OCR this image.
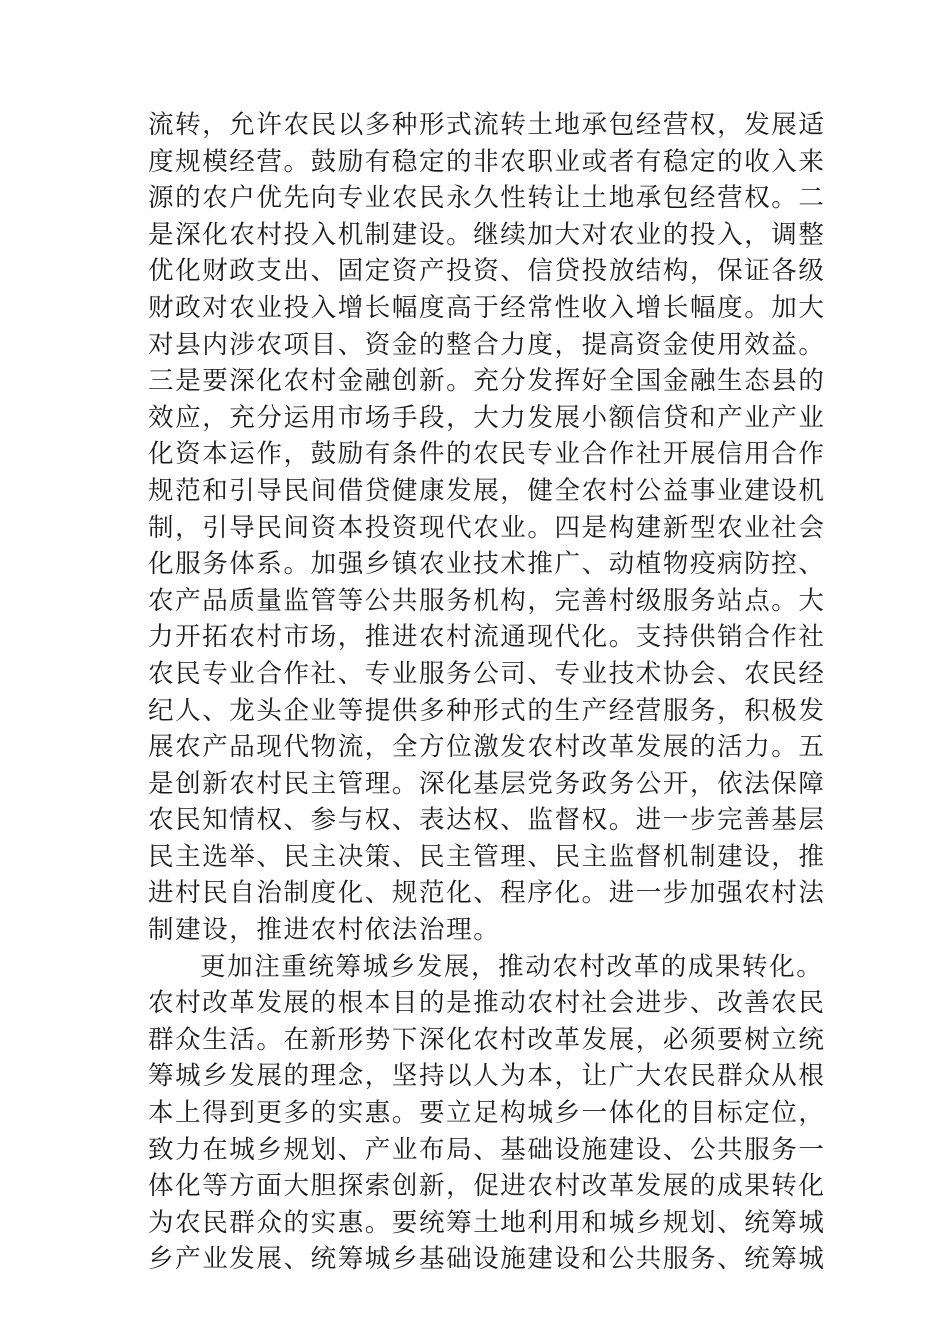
流转，允许农民以多种形式流转土地承包经营权，发展适
度规模经营。鼓励有稳定的非农职业或者有稳定的收入来
源的农户优先向专业农民永久性转让土地承包经营权。二
是深化农村投入机制建设。继续加大对农业的投入，调整
优化财政支出、固定资产投资、信贷投放结构，保证各级
财政对农业投入增长幅度高于经常性收入增长幅度。加大
对县内涉农项目、资金的整合力度，提高资金使用效益。
三是要深化农村金融创新。充分发挥好全国金融生态县的
效应，充分运用市场手段，大力发展小额信贷和产业产业
化资本运作，鼓励有条件的农民专业合作社开展信用合作
规范和引导民间借贷健康发展，健全农村公益事业建设机
制，引导民间资本投资现代农业。四是构建新型农业社会
化服务体系。加强乡镇农业技术推广、动植物疫病防控、
农产品质量监管等公共服务机构，完善村级服务站点。大
力开拓农村市场，推进农村流通现代化。支持供销合作社
农民专业合作社、专业服务公司、专业技术协会、农民经
纪人、龙头企业等提供多种形式的生产经营服务，积极发
展农产品现代物流，全方位激发农村改革发展的活力。五
是创新农村民主管理。深化基层党务政务公开，依法保障
农民知情权、参与权、表达权、监督权。进一步完善基层
民主选举、民主决策、民主管理、民主监督机制建设，推
进村民自治制度化、规范化、程序化。进一步加强农村法
制建设，推进农村依法治理。
更加注重统筹城乡发展，推动农村改革的成果转化。
农村改革发展的根本目的是推动农村社会进步、改善农民
群众生活。在新形势下深化农村改革发展，必须要树立统
筹城乡发展的理念，坚持以人为本，让广大农民群众从根
本上得到更多的实惠。要立足构城乡一体化的目标定位，
致力在城乡规划、产业布局、基础设施建设、公共服务一
体化等方面大胆探索创新，促进农村改革发展的成果转化
为农民群众的实惠。要统筹土地利用和城乡规划、统筹城
乡产业发展、统筹城乡基础设施建设和公共服务、统筹城
